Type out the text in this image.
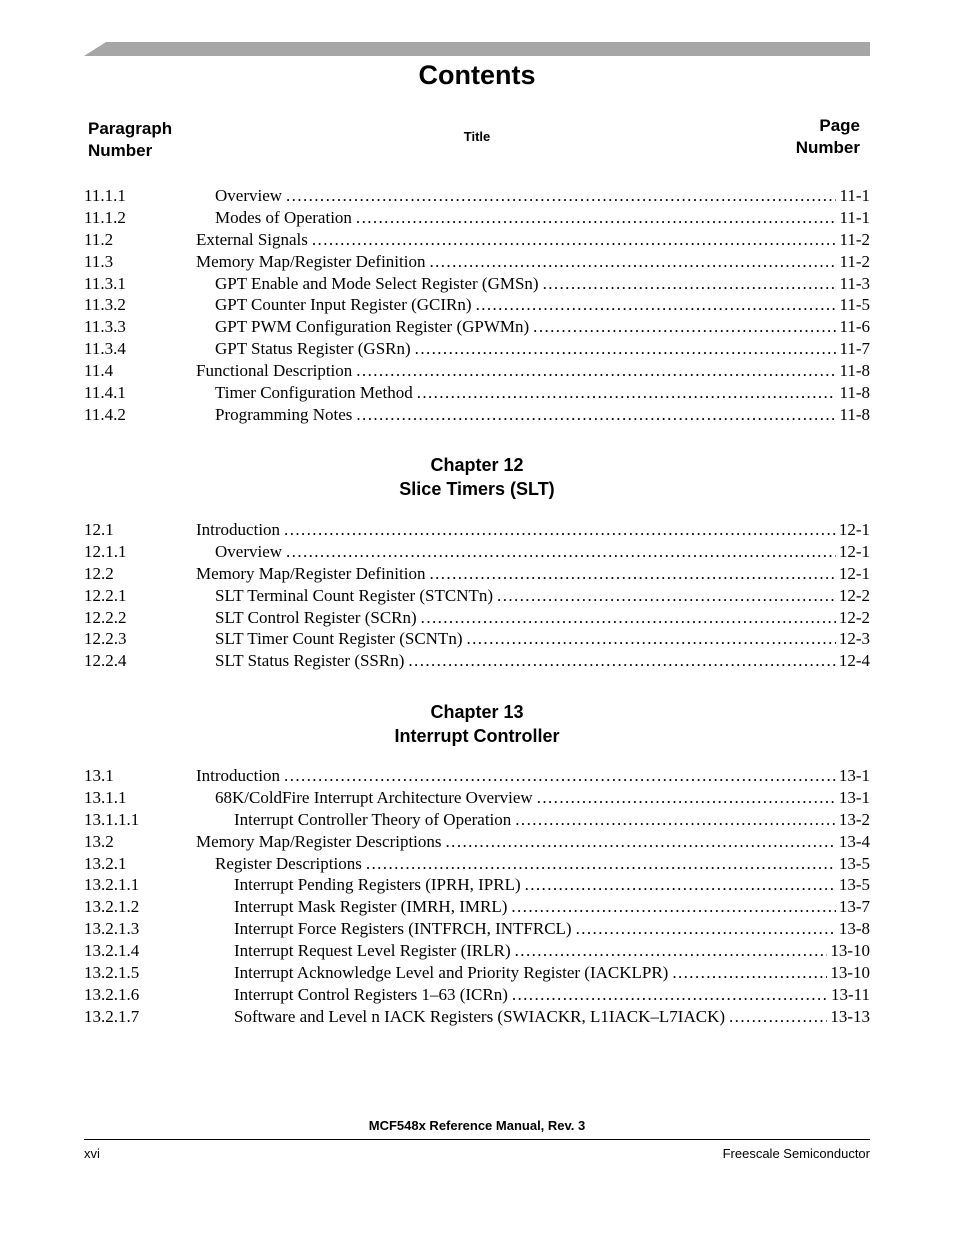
Contents
Paragraph
Number
Title
Page
Number
11.1.1	Overview .....	11-1
11.1.2	Modes of Operation .....	11-1
11.2	External Signals .....	11-2
11.3	Memory Map/Register Definition .....	11-2
11.3.1	GPT Enable and Mode Select Register (GMSn) .....	11-3
11.3.2	GPT Counter Input Register (GCIRn) .....	11-5
11.3.3	GPT PWM Configuration Register (GPWMn) .....	11-6
11.3.4	GPT Status Register (GSRn) .....	11-7
11.4	Functional Description .....	11-8
11.4.1	Timer Configuration Method .....	11-8
11.4.2	Programming Notes .....	11-8
Chapter 12
Slice Timers (SLT)
12.1	Introduction .....	12-1
12.1.1	Overview .....	12-1
12.2	Memory Map/Register Definition .....	12-1
12.2.1	SLT Terminal Count Register (STCNTn) .....	12-2
12.2.2	SLT Control Register (SCRn) .....	12-2
12.2.3	SLT Timer Count Register (SCNTn) .....	12-3
12.2.4	SLT Status Register (SSRn) .....	12-4
Chapter 13
Interrupt Controller
13.1	Introduction .....	13-1
13.1.1	68K/ColdFire Interrupt Architecture Overview .....	13-1
13.1.1.1	Interrupt Controller Theory of Operation .....	13-2
13.2	Memory Map/Register Descriptions .....	13-4
13.2.1	Register Descriptions .....	13-5
13.2.1.1	Interrupt Pending Registers (IPRH, IPRL) .....	13-5
13.2.1.2	Interrupt Mask Register (IMRH, IMRL) .....	13-7
13.2.1.3	Interrupt Force Registers (INTFRCH, INTFRCL) .....	13-8
13.2.1.4	Interrupt Request Level Register (IRLR) .....	13-10
13.2.1.5	Interrupt Acknowledge Level and Priority Register (IACKLPR) .....	13-10
13.2.1.6	Interrupt Control Registers 1–63 (ICRn) .....	13-11
13.2.1.7	Software and Level n IACK Registers (SWIACKR, L1IACK–L7IACK) .....	13-13
MCF548x Reference Manual, Rev. 3
xvi	Freescale Semiconductor
